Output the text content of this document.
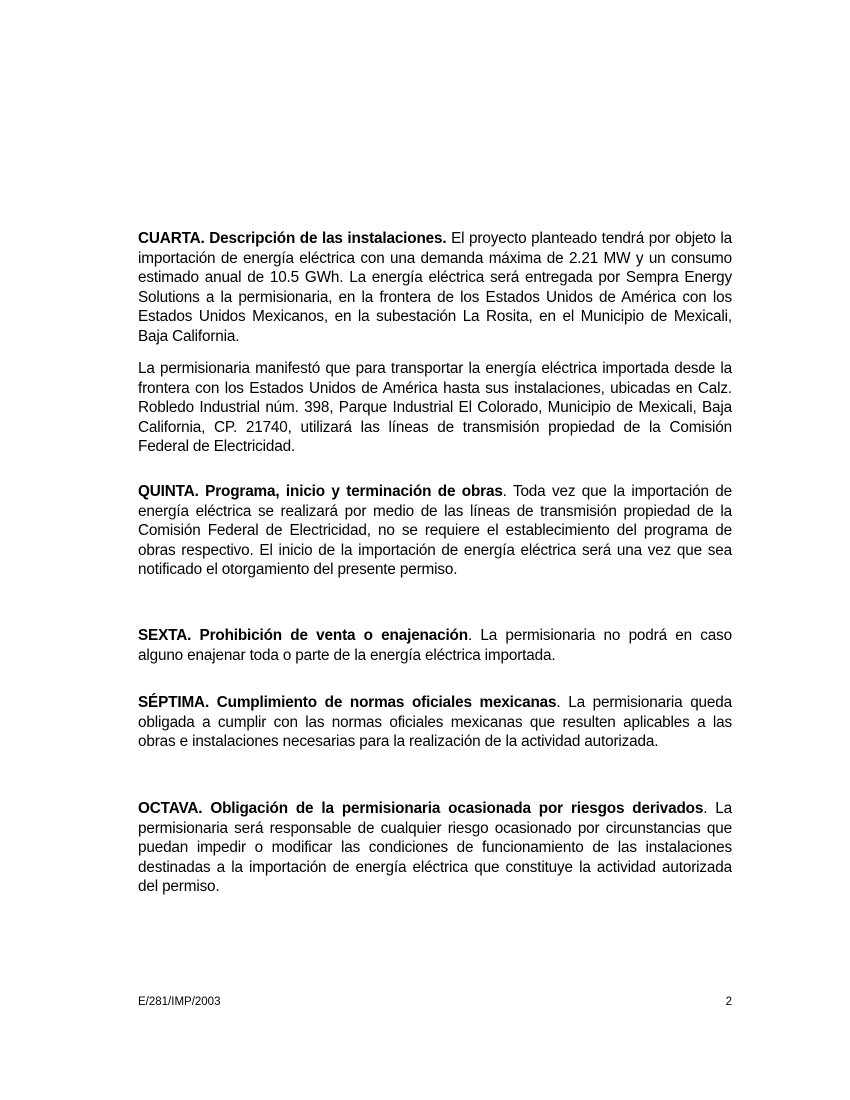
CUARTA. Descripción de las instalaciones. El proyecto planteado tendrá por objeto la importación de energía eléctrica con una demanda máxima de 2.21 MW y un consumo estimado anual de 10.5 GWh. La energía eléctrica será entregada por Sempra Energy Solutions a la permisionaria, en la frontera de los Estados Unidos de América con los Estados Unidos Mexicanos, en la subestación La Rosita, en el Municipio de Mexicali, Baja California.

La permisionaria manifestó que para transportar la energía eléctrica importada desde la frontera con los Estados Unidos de América hasta sus instalaciones, ubicadas en Calz. Robledo Industrial núm. 398, Parque Industrial El Colorado, Municipio de Mexicali, Baja California, CP. 21740, utilizará las líneas de transmisión propiedad de la Comisión Federal de Electricidad.

QUINTA. Programa, inicio y terminación de obras. Toda vez que la importación de energía eléctrica se realizará por medio de las líneas de transmisión propiedad de la Comisión Federal de Electricidad, no se requiere el establecimiento del programa de obras respectivo. El inicio de la importación de energía eléctrica será una vez que sea notificado el otorgamiento del presente permiso.

SEXTA. Prohibición de venta o enajenación. La permisionaria no podrá en caso alguno enajenar toda o parte de la energía eléctrica importada.

SÉPTIMA. Cumplimiento de normas oficiales mexicanas. La permisionaria queda obligada a cumplir con las normas oficiales mexicanas que resulten aplicables a las obras e instalaciones necesarias para la realización de la actividad autorizada.

OCTAVA. Obligación de la permisionaria ocasionada por riesgos derivados. La permisionaria será responsable de cualquier riesgo ocasionado por circunstancias que puedan impedir o modificar las condiciones de funcionamiento de las instalaciones destinadas a la importación de energía eléctrica que constituye la actividad autorizada del permiso.

E/281/IMP/2003	2
